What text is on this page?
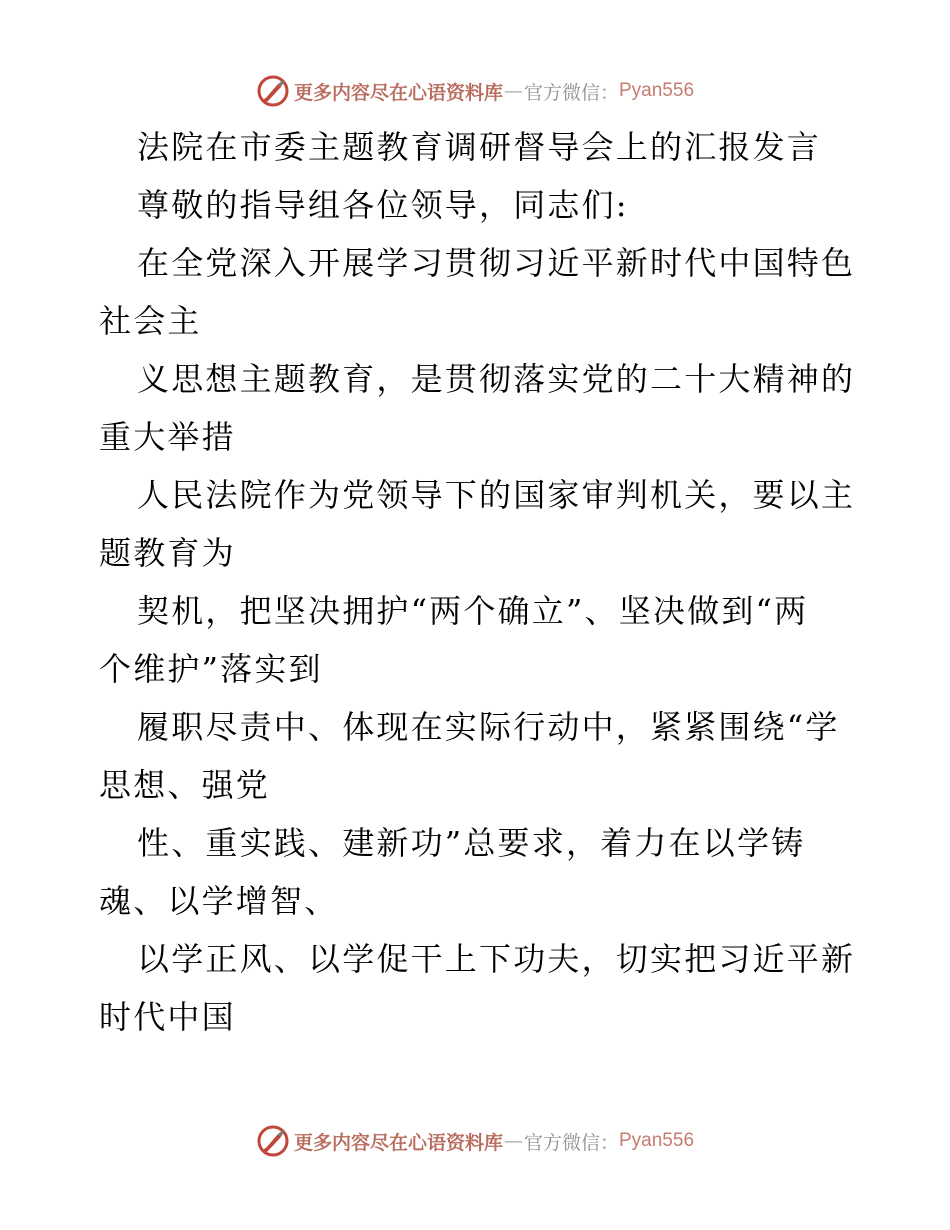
更多内容尽在心语资料库 — 官方微信： Pyan556
法院在市委主题教育调研督导会上的汇报发言
尊敬的指导组各位领导，同志们:
在全党深入开展学习贯彻习近平新时代中国特色
社会主
义思想主题教育，是贯彻落实党的二十大精神的
重大举措
人民法院作为党领导下的国家审判机关，要以主
题教育为
契机，把坚决拥护“两个确立”、坚决做到“两
个维护”落实到
履职尽责中、体现在实际行动中，紧紧围绕“学
思想、强党
性、重实践、建新功”总要求，着力在以学铸
魂、以学增智、
以学正风、以学促干上下功夫，切实把习近平新
时代中国
更多内容尽在心语资料库 — 官方微信： Pyan556
